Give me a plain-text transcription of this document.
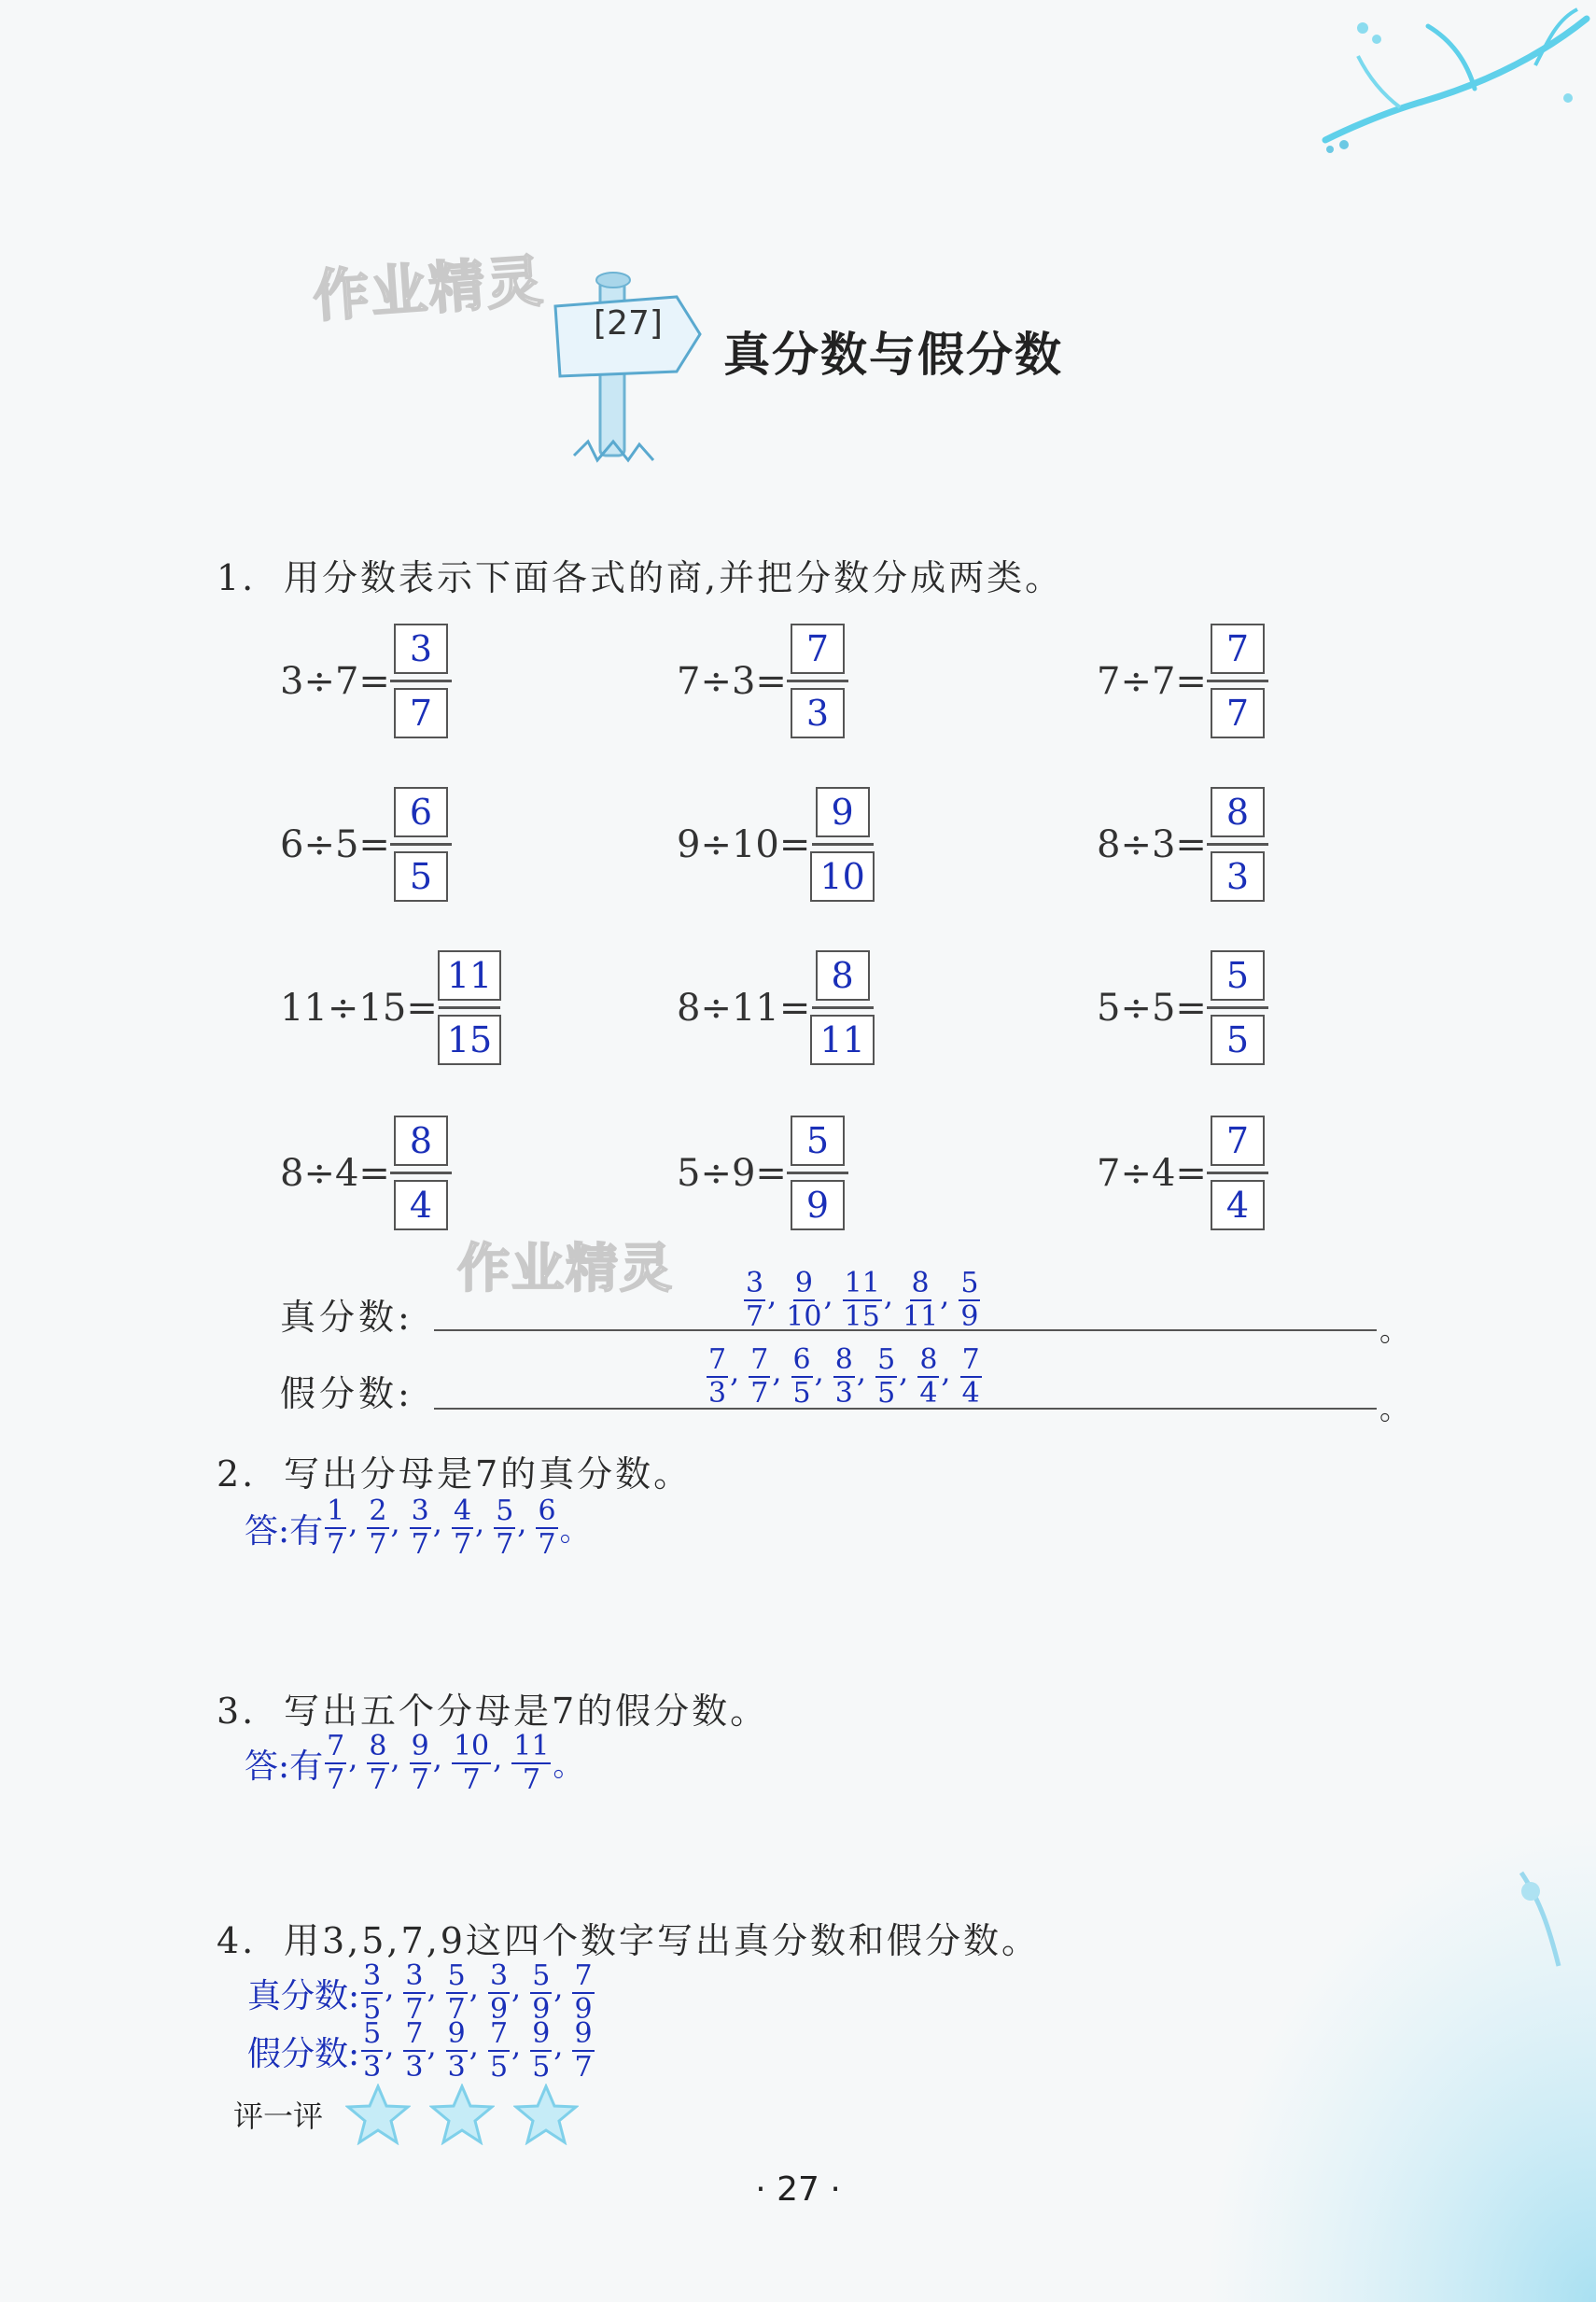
作业精灵
作业精灵
[27]
真分数与假分数
1. 用分数表示下面各式的商,并把分数分成两类。
$3\div 7= \frac{3}{7}$	$7\div 3= \frac{7}{3}$	$7\div 7= \frac{7}{7}$
$6\div 5= \frac{6}{5}$	$9\div 10= \frac{9}{10}$	$8\div 3= \frac{8}{3}$
$11\div 15= \frac{11}{15}$	$8\div 11= \frac{8}{11}$	$5\div 5= \frac{5}{5}$
$8\div 4= \frac{8}{4}$	$5\div 9= \frac{5}{9}$	$7\div 4= \frac{7}{4}$
真分数:	$\frac{3}{7}$ , $\frac{9}{10}$ , $\frac{11}{15}$ , $\frac{8}{11}$ , $\frac{5}{9}$	。
假分数:	$\frac{7}{3}$ , $\frac{7}{7}$ , $\frac{6}{5}$ , $\frac{8}{3}$ , $\frac{5}{5}$ , $\frac{8}{4}$ , $\frac{7}{4}$
。
2. 写出分母是7的真分数。
答:有 $\frac{1}{7}$ , $\frac{2}{7}$ , $\frac{3}{7}$ , $\frac{4}{7}$ , $\frac{5}{7}$ , $\frac{6}{7}$ 。
3. 写出五个分母是7的假分数。
答:有 $\frac{7}{7}$ , $\frac{8}{7}$ , $\frac{9}{7}$ , $\frac{10}{7}$ , $\frac{11}{7}$ 。
4. 用3,5,7,9这四个数字写出真分数和假分数。
真分数: $\frac{3}{5}$ , $\frac{3}{7}$ , $\frac{5}{7}$ , $\frac{3}{9}$ , $\frac{5}{9}$ , $\frac{7}{9}$
假分数: $\frac{5}{3}$ , $\frac{7}{3}$ , $\frac{9}{3}$ , $\frac{7}{5}$ , $\frac{9}{5}$ , $\frac{9}{7}$
评一评
· 27 ·
